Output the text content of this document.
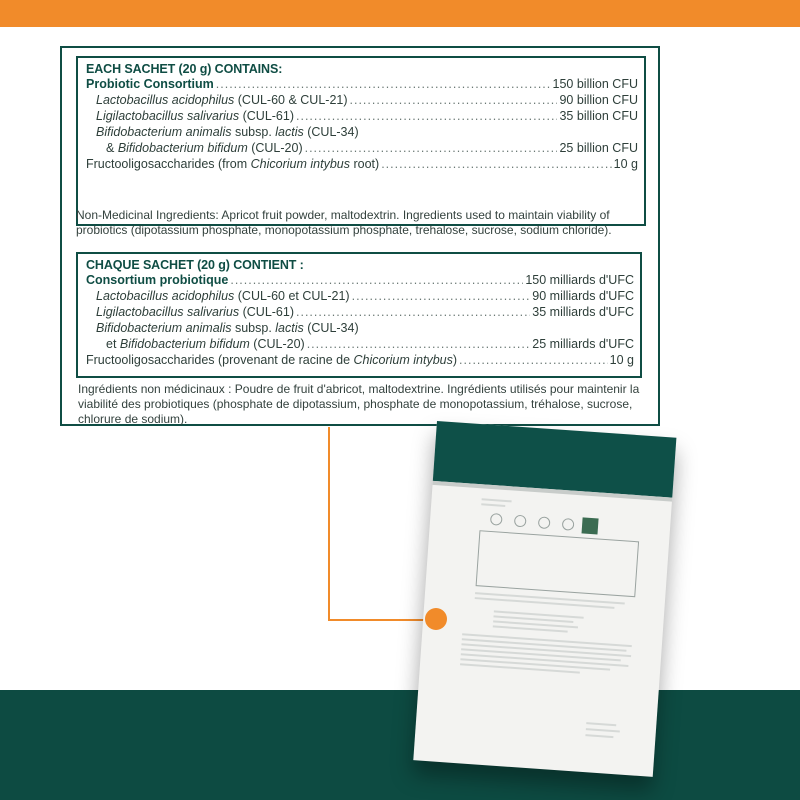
EACH SACHET (20 g) CONTAINS:
Probiotic Consortium .....	150 billion CFU
Lactobacillus acidophilus (CUL-60 & CUL-21) .....	90 billion CFU
Ligilactobacillus salivarius (CUL-61) .....	35 billion CFU
Bifidobacterium animalis subsp. lactis (CUL-34)
& Bifidobacterium bifidum (CUL-20) .....	25 billion CFU
Fructooligosaccharides (from Chicorium intybus root) .....	10 g
Non-Medicinal Ingredients: Apricot fruit powder, maltodextrin. Ingredients used to maintain viability of probiotics (dipotassium phosphate, monopotassium phosphate, trehalose, sucrose, sodium chloride).
CHAQUE SACHET (20 g) CONTIENT :
Consortium probiotique .....	150 milliards d'UFC
Lactobacillus acidophilus (CUL-60 et CUL-21) .....	90 milliards d'UFC
Ligilactobacillus salivarius (CUL-61) .....	35 milliards d'UFC
Bifidobacterium animalis subsp. lactis (CUL-34)
et Bifidobacterium bifidum (CUL-20) .....	25 milliards d'UFC
Fructooligosaccharides (provenant de racine de Chicorium intybus) .....	10 g
Ingrédients non médicinaux : Poudre de fruit d'abricot, maltodextrine. Ingrédients utilisés pour maintenir la viabilité des probiotiques (phosphate de dipotassium, phosphate de monopotassium, tréhalose, sucrose, chlorure de sodium).
